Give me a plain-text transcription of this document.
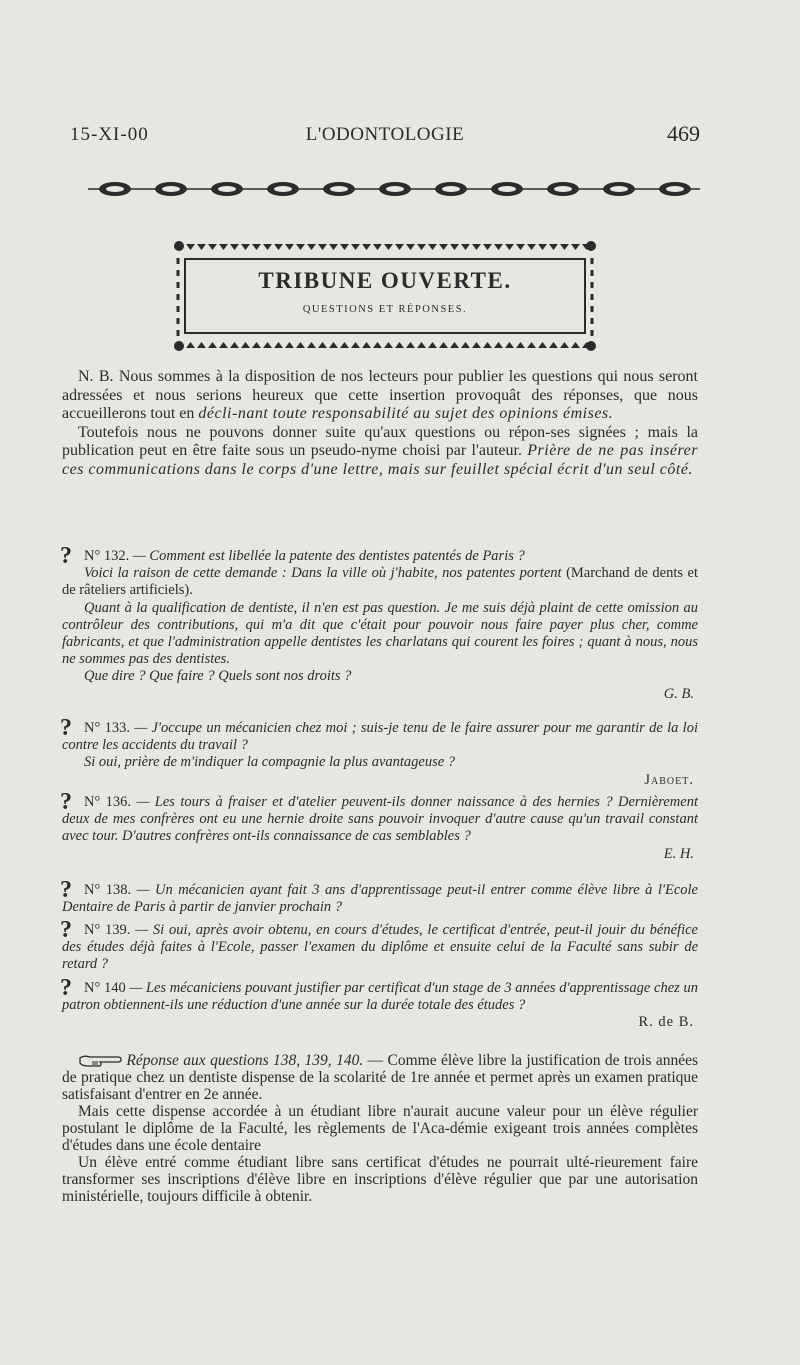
15-XI-00	L'ODONTOLOGIE	469
TRIBUNE OUVERTE.
QUESTIONS ET RÉPONSES.

N. B. Nous sommes à la disposition de nos lecteurs pour publier les questions qui nous seront adressées et nous serions heureux que cette insertion provoquât des réponses, que nous accueillerons tout en décli-nant toute responsabilité au sujet des opinions émises.

Toutefois nous ne pouvons donner suite qu'aux questions ou répon-ses signées ; mais la publication peut en être faite sous un pseudo-nyme choisi par l'auteur. Prière de ne pas insérer ces communications dans le corps d'une lettre, mais sur feuillet spécial écrit d'un seul côté.

? N° 132. — Comment est libellée la patente des dentistes patentés de Paris ?

Voici la raison de cette demande : Dans la ville où j'habite, nos patentes portent (Marchand de dents et de râteliers artificiels).

Quant à la qualification de dentiste, il n'en est pas question. Je me suis déjà plaint de cette omission au contrôleur des contributions, qui m'a dit que c'était pour pouvoir nous faire payer plus cher, comme fabricants, et que l'administration appelle dentistes les charlatans qui courent les foires ; quant à nous, nous ne sommes pas des dentistes.

Que dire ? Que faire ? Quels sont nos droits ?

G. B.

? N° 133. — J'occupe un mécanicien chez moi ; suis-je tenu de le faire assurer pour me garantir de la loi contre les accidents du travail ?

Si oui, prière de m'indiquer la compagnie la plus avantageuse ?

Jaboet.

? N° 136. — Les tours à fraiser et d'atelier peuvent-ils donner naissance à des hernies ? Dernièrement deux de mes confrères ont eu une hernie droite sans pouvoir invoquer d'autre cause qu'un travail constant avec tour. D'autres confrères ont-ils connaissance de cas semblables ?

E. H.

? N° 138. — Un mécanicien ayant fait 3 ans d'apprentissage peut-il entrer comme élève libre à l'Ecole Dentaire de Paris à partir de janvier prochain ?

? N° 139. — Si oui, après avoir obtenu, en cours d'études, le certificat d'entrée, peut-il jouir du bénéfice des études déjà faites à l'Ecole, passer l'examen du diplôme et ensuite celui de la Faculté sans subir de retard ?

? N° 140 — Les mécaniciens pouvant justifier par certificat d'un stage de 3 années d'apprentissage chez un patron obtiennent-ils une réduction d'une année sur la durée totale des études ?

R. de B.

Réponse aux questions 138, 139, 140. — Comme élève libre la justification de trois années de pratique chez un dentiste dispense de la scolarité de 1re année et permet après un examen pratique satisfaisant d'entrer en 2e année.

Mais cette dispense accordée à un étudiant libre n'aurait aucune valeur pour un élève régulier postulant le diplôme de la Faculté, les règlements de l'Aca-démie exigeant trois années complètes d'études dans une école dentaire

Un élève entré comme étudiant libre sans certificat d'études ne pourrait ulté-rieurement faire transformer ses inscriptions d'élève libre en inscriptions d'élève régulier que par une autorisation ministérielle, toujours difficile à obtenir.
